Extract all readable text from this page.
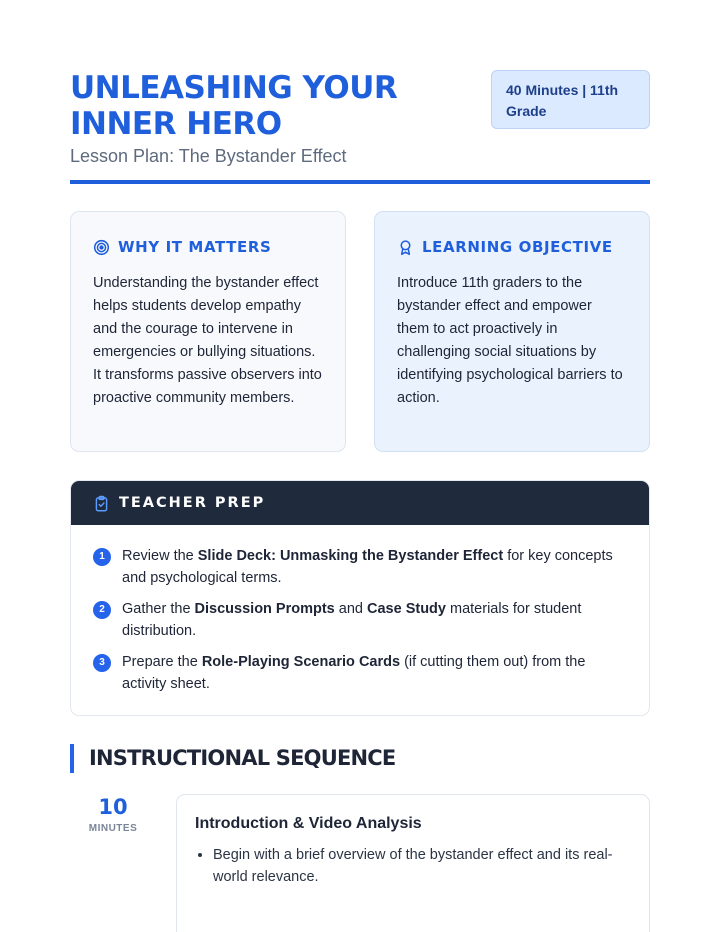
UNLEASHING YOUR INNER HERO
Lesson Plan: The Bystander Effect
40 Minutes | 11th Grade
WHY IT MATTERS

Understanding the bystander effect helps students develop empathy and the courage to intervene in emergencies or bullying situations. It transforms passive observers into proactive community members.

LEARNING OBJECTIVE

Introduce 11th graders to the bystander effect and empower them to act proactively in challenging social situations by identifying psychological barriers to action.

TEACHER PREP
1	Review the Slide Deck: Unmasking the Bystander Effect for key concepts and psychological terms.
2	Gather the Discussion Prompts and Case Study materials for student distribution.
3	Prepare the Role-Playing Scenario Cards (if cutting them out) from the activity sheet.
INSTRUCTIONAL SEQUENCE
10
MINUTES	Introduction & Video Analysis
• Begin with a brief overview of the bystander effect and its real-world relevance.
